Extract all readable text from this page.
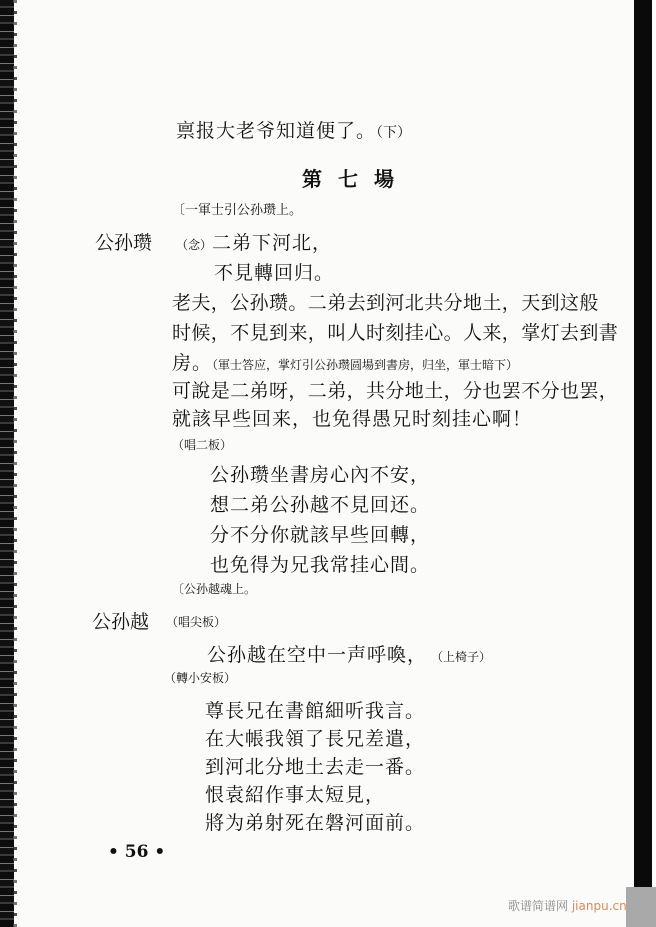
禀报大老爷知道便了。（下）
第七場
〔一軍士引公孙瓒上。
公孙瓒 （念）二弟下河北，
不見轉回归。
老夫，公孙瓒。二弟去到河北共分地土，天到这般
时候，不見到来，叫人时刻挂心。人来，掌灯去到書
房。（軍士答应，掌灯引公孙瓒圆場到書房，归坐，軍士暗下）
可說是二弟呀，二弟，共分地土，分也罢不分也罢，
就該早些回来，也免得愚兄时刻挂心啊！
（唱二板）
公孙瓒坐書房心內不安，
想二弟公孙越不見回还。
分不分你就該早些回轉，
也免得为兄我常挂心間。
〔公孙越魂上。
公孙越 （唱尖板）
公孙越在空中一声呼喚， （上椅子）
（轉小安板）
尊長兄在書館細听我言。
在大帳我領了長兄差遣，
到河北分地土去走一番。
恨袁紹作事太短見，
將为弟射死在磐河面前。
• 56 •
歌谱简谱网 jianpu.cn
